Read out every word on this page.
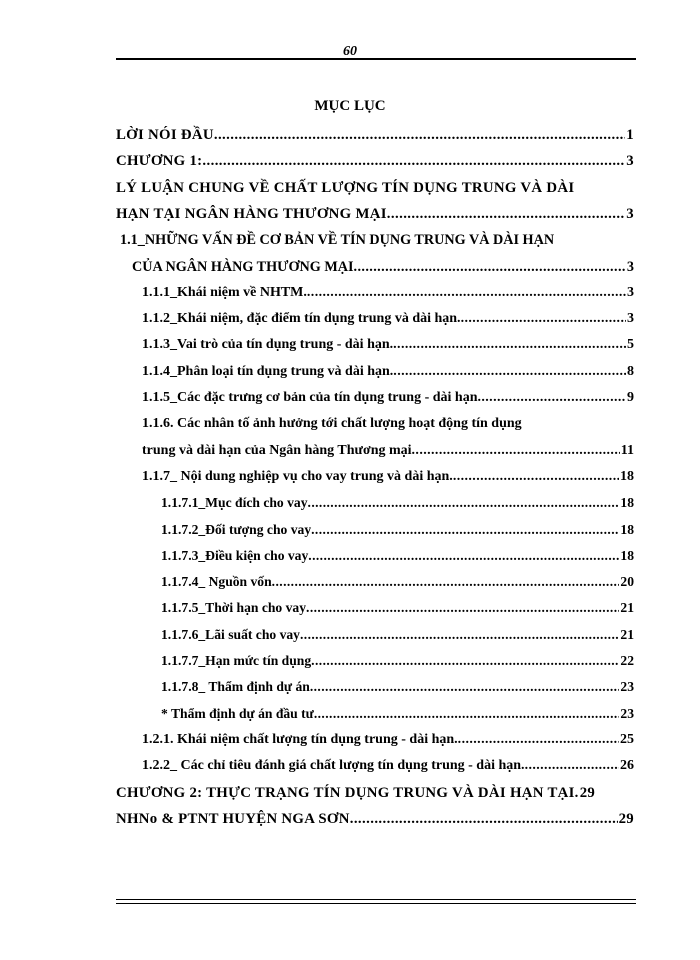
60
MỤC LỤC
LỜI NÓI ĐẦU .....	1
CHƯƠNG 1: .....	3
LÝ LUẬN CHUNG VỀ CHẤT LƯỢNG TÍN DỤNG TRUNG VÀ DÀI
HẠN TẠI NGÂN HÀNG THƯƠNG MẠI .....	3
1.1_NHỮNG VẤN ĐỀ CƠ BẢN VỀ TÍN DỤNG TRUNG VÀ DÀI HẠN
CỦA NGÂN HÀNG THƯƠNG MẠI .....	3
1.1.1_Khái niệm về NHTM. .....	3
1.1.2_Khái niệm, đặc điểm tín dụng trung và dài hạn. .....	3
1.1.3_Vai trò của tín dụng trung - dài hạn. .....	5
1.1.4_Phân loại tín dụng trung và dài hạn. .....	8
1.1.5_Các đặc trưng cơ bản của tín dụng trung - dài hạn .....	9
1.1.6. Các nhân tố ảnh hưởng tới chất lượng hoạt động tín dụng
trung và dài hạn của Ngân hàng Thương mại .....	11
1.1.7_ Nội dung nghiệp vụ cho vay trung và dài hạn. .....	18
1.1.7.1_Mục đích cho vay .....	18
1.1.7.2_Đối tượng cho vay .....	18
1.1.7.3_Điều kiện cho vay .....	18
1.1.7.4_ Nguồn vốn .....	20
1.1.7.5_Thời hạn cho vay .....	21
1.1.7.6_Lãi suất cho vay .....	21
1.1.7.7_Hạn mức tín dụng .....	22
1.1.7.8_ Thẩm định dự án .....	23
* Thẩm định dự án đầu tư .....	23
1.2.1. Khái niệm chất lượng tín dụng trung - dài hạn. .....	25
1.2.2_ Các chỉ tiêu đánh giá chất lượng tín dụng trung - dài hạn. .....	26
CHƯƠNG 2: THỰC TRẠNG TÍN DỤNG TRUNG VÀ DÀI HẠN TẠI. 29
NHNo & PTNT HUYỆN NGA SƠN .....	29
